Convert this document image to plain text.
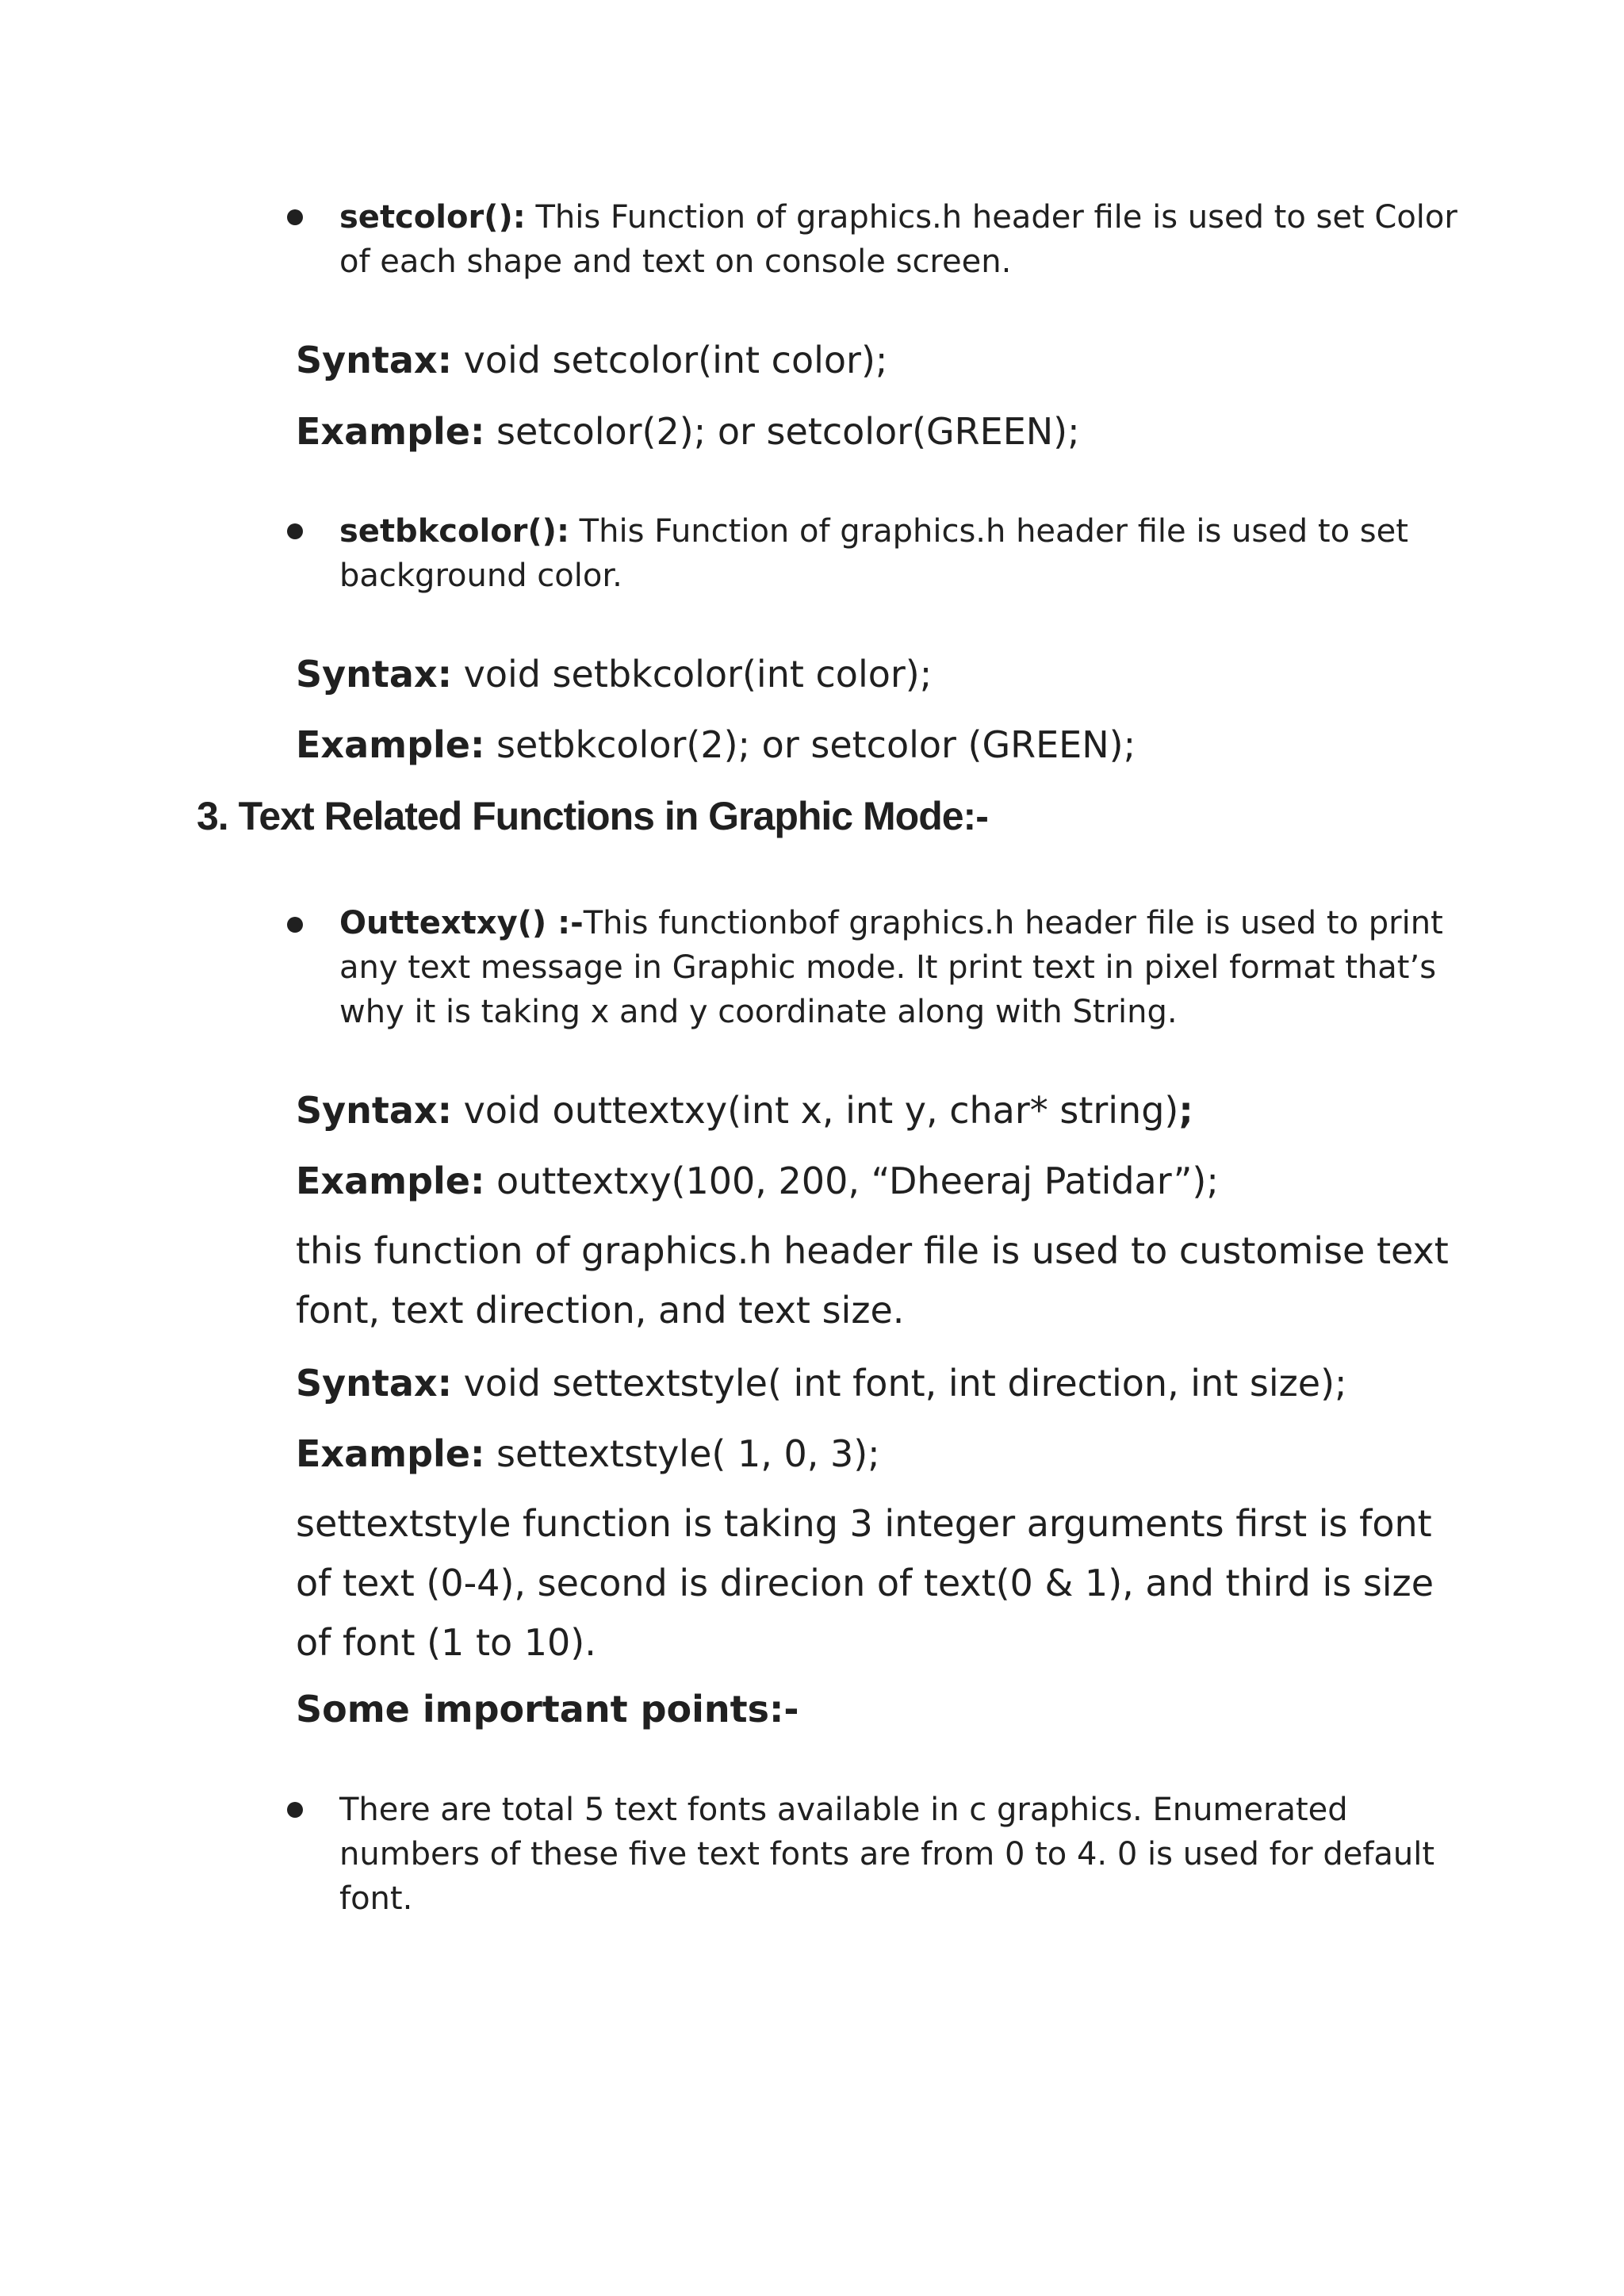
setcolor(): This Function of graphics.h header file is used to set Color of each shape and text on console screen.

Syntax: void setcolor(int color);

Example: setcolor(2); or setcolor(GREEN);

setbkcolor(): This Function of graphics.h header file is used to set background color.

Syntax: void setbkcolor(int color);

Example: setbkcolor(2); or setcolor (GREEN);

3. Text Related Functions in Graphic Mode:-

Outtextxy() :-This functionbof graphics.h header file is used to print any text message in Graphic mode. It print text in pixel format that’s why it is taking x and y coordinate along with String.

Syntax: void outtextxy(int x, int y, char* string);

Example: outtextxy(100, 200, “Dheeraj Patidar”);

this function of graphics.h header file is used to customise text font, text direction, and text size.

Syntax: void settextstyle( int font, int direction, int size);

Example: settextstyle( 1, 0, 3);

settextstyle function is taking 3 integer arguments first is font of text (0-4), second is direcion of text(0 & 1), and third is size of font (1 to 10).

Some important points:-

There are total 5 text fonts available in c graphics. Enumerated numbers of these five text fonts are from 0 to 4. 0 is used for default font.
